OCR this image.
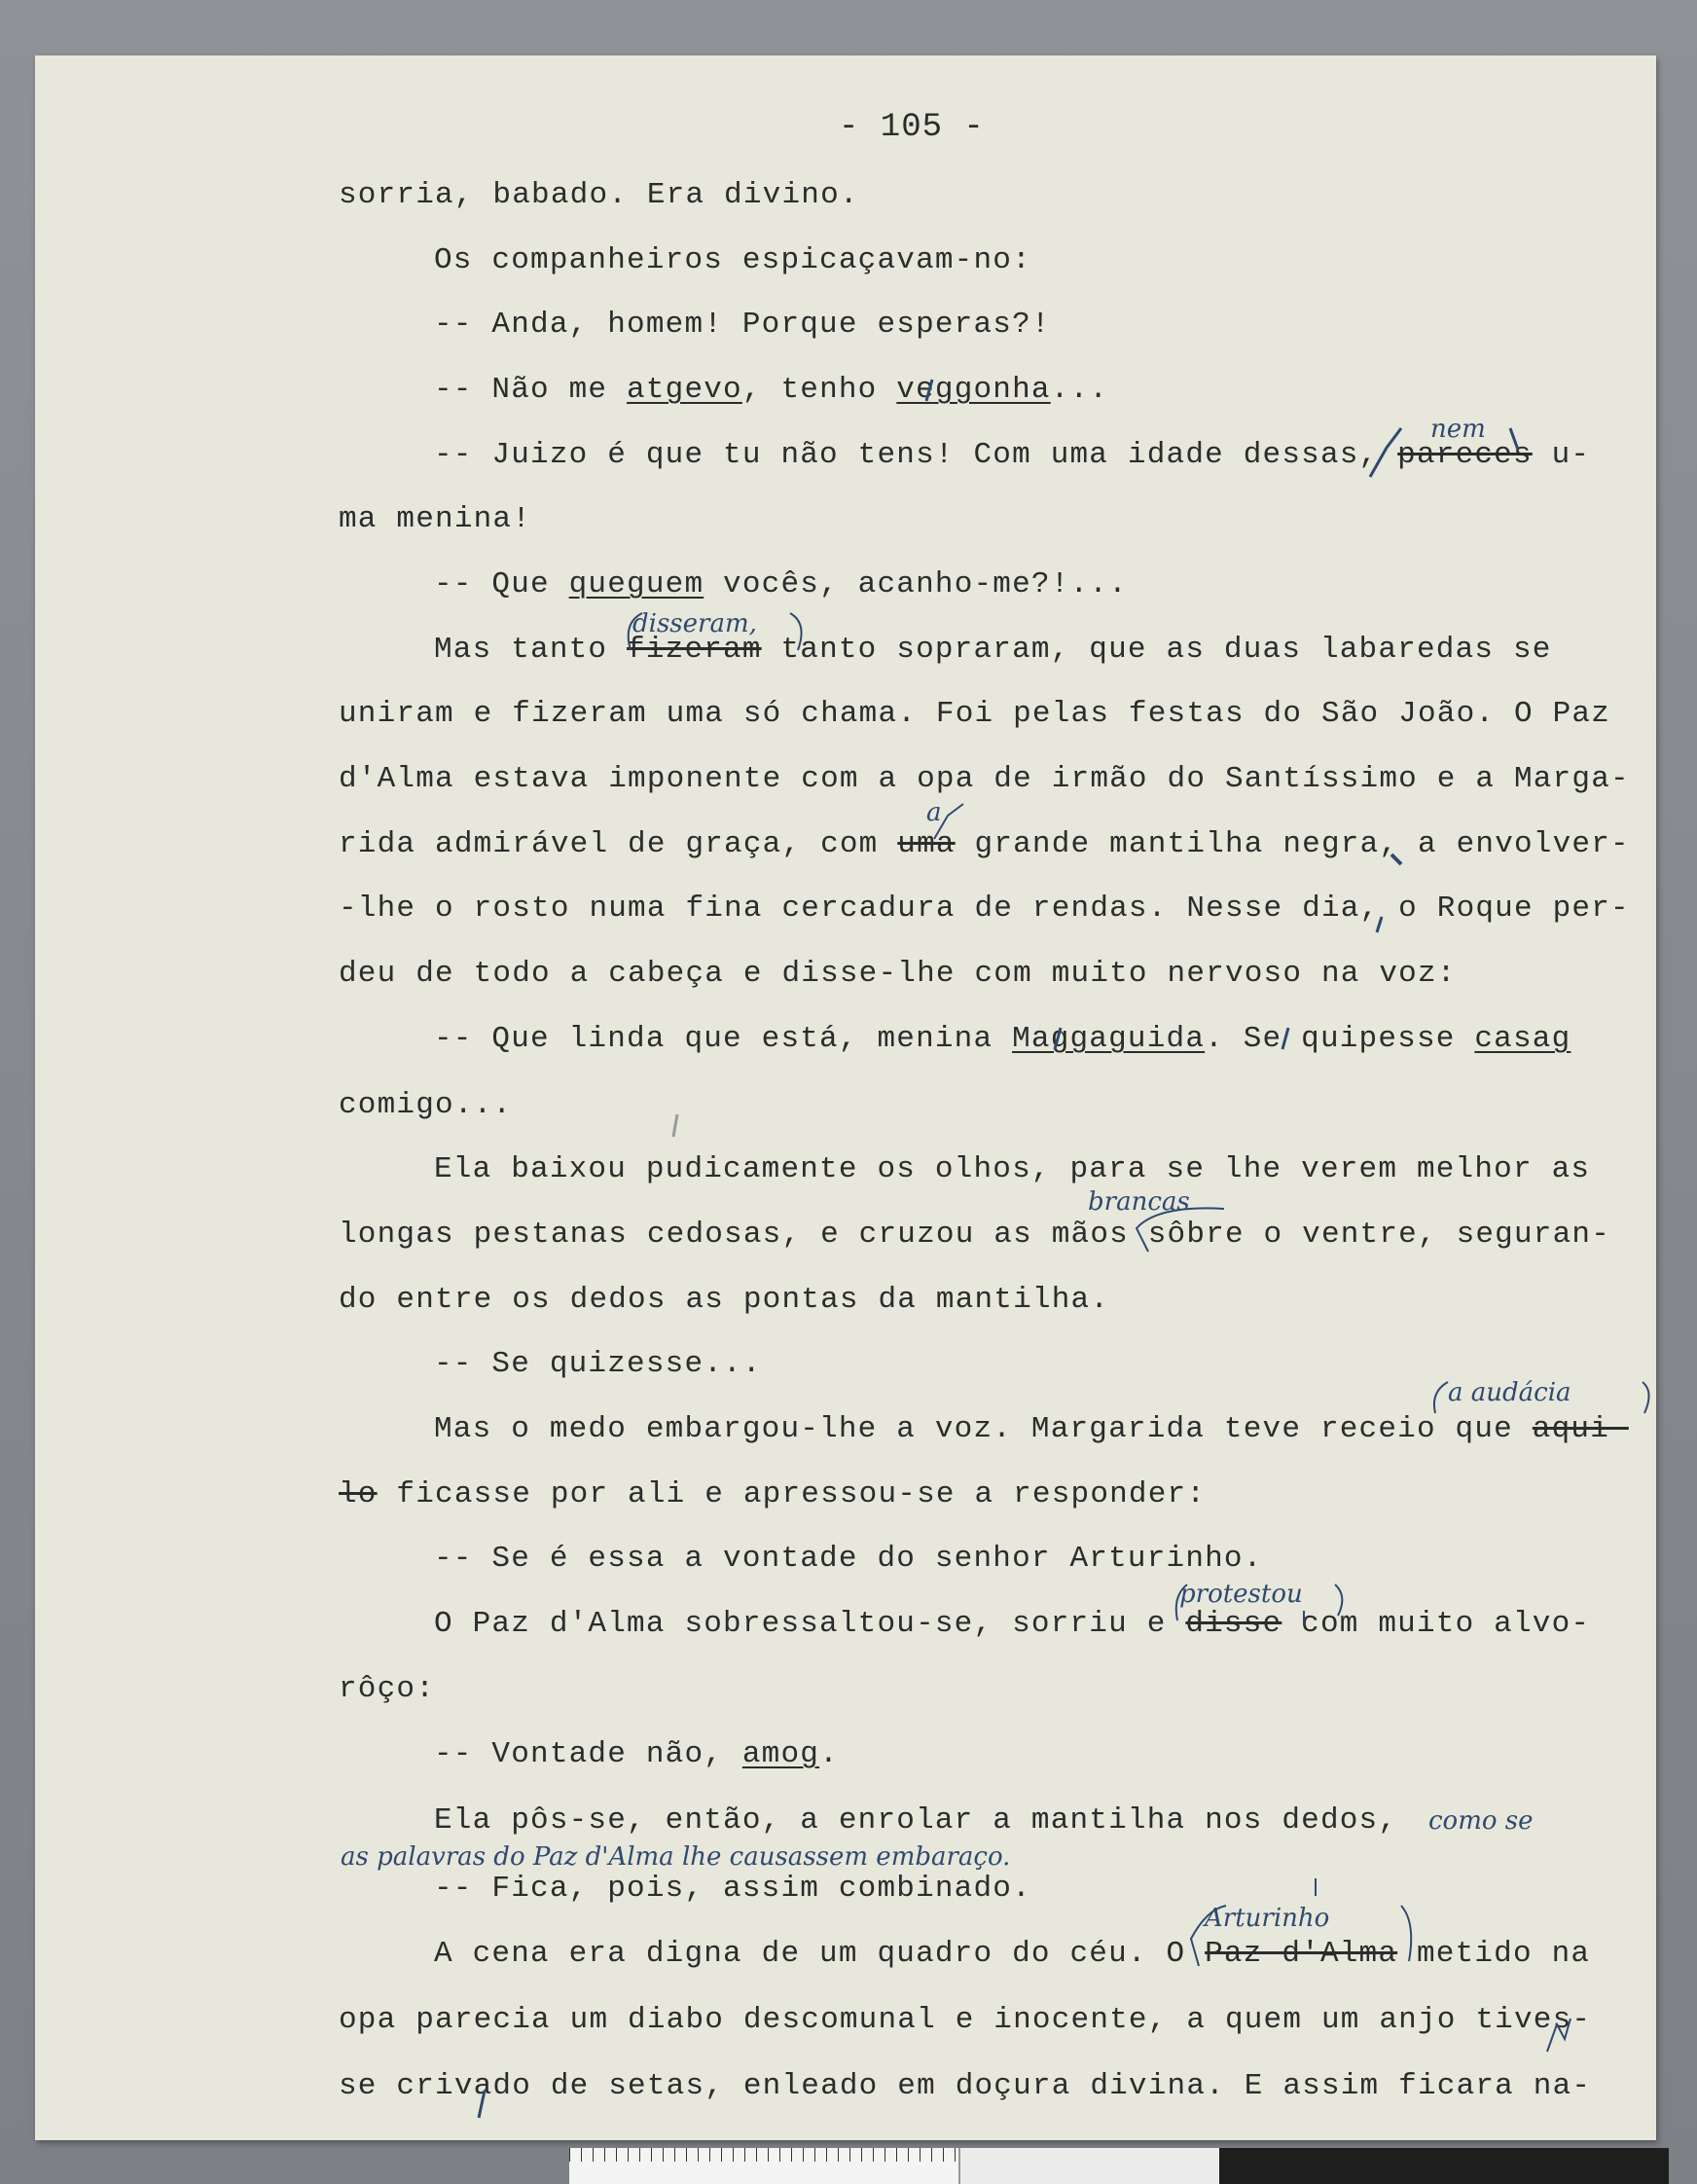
- 105 -
sorria, babado. Era divino.
Os companheiros espicaçavam-no:
-- Anda, homem! Porque esperas?!
-- Não me atgevo, tenho veggonha...
-- Juizo é que tu não tens! Com uma idade dessas, pareces u-
ma menina!
-- Que queguem vocês, acanho-me?!...
Mas tanto fizeram tanto sopraram, que as duas labaredas se
uniram e fizeram uma só chama. Foi pelas festas do São João. O Paz
d'Alma estava imponente com a opa de irmão do Santíssimo e a Marga-
rida admirável de graça, com uma grande mantilha negra, a envolver-
-lhe o rosto numa fina cercadura de rendas. Nesse dia, o Roque per-
deu de todo a cabeça e disse-lhe com muito nervoso na voz:
-- Que linda que está, menina Maggaguida. Se quipesse casag
comigo...
Ela baixou pudicamente os olhos, para se lhe verem melhor as
longas pestanas cedosas, e cruzou as mãos sôbre o ventre, seguran-
do entre os dedos as pontas da mantilha.
-- Se quizesse...
Mas o medo embargou-lhe a voz. Margarida teve receio que aqui-
lo ficasse por ali e apressou-se a responder:
-- Se é essa a vontade do senhor Arturinho.
O Paz d'Alma sobressaltou-se, sorriu e disse com muito alvo-
rôço:
-- Vontade não, amog.
Ela pôs-se, então, a enrolar a mantilha nos dedos,
-- Fica, pois, assim combinado.
A cena era digna de um quadro do céu. O Paz d'Alma metido na
opa parecia um diabo descomunal e inocente, a quem um anjo tives-
se crivado de setas, enleado em doçura divina. E assim ficara na-
nem
disseram,
a
brancas
a audácia
protestou
como se
as palavras do Paz d'Alma lhe causassem embaraço.
Arturinho
